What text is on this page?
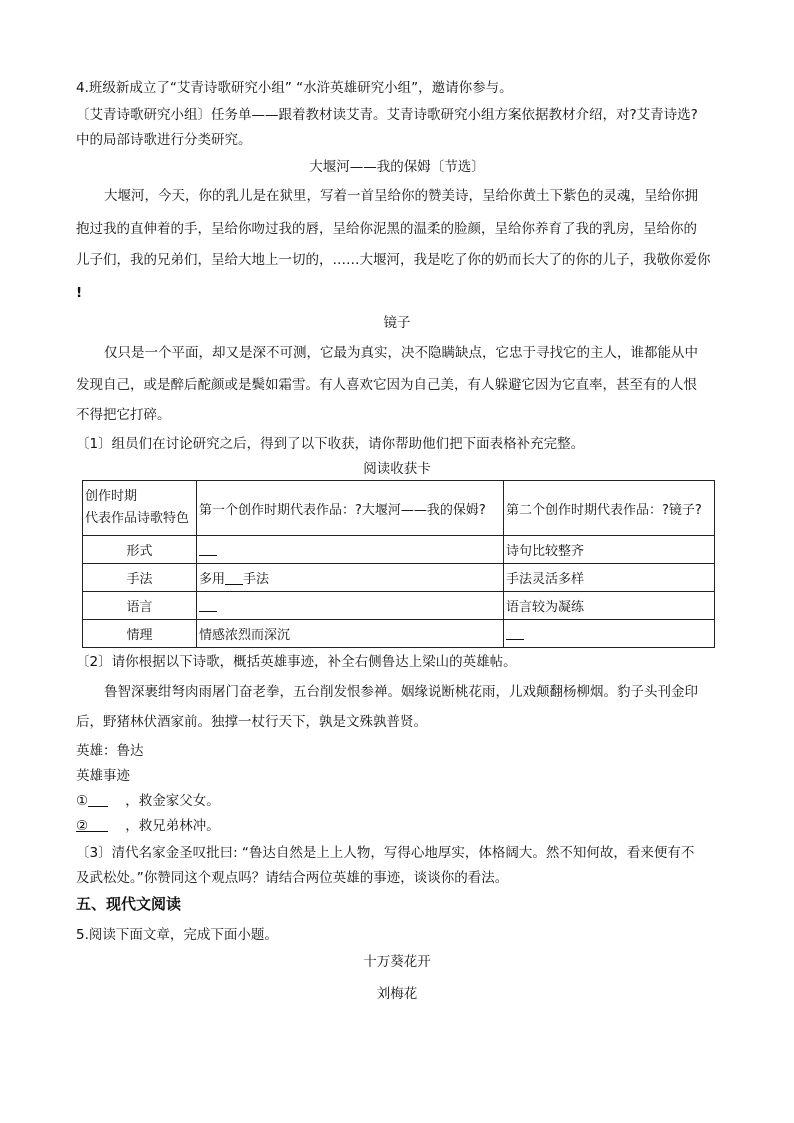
4.班级新成立了“艾青诗歌研究小组” “水浒英雄研究小组”，邀请你参与。
〔艾青诗歌研究小组〕任务单——跟着教材读艾青。艾青诗歌研究小组方案依据教材介绍，对?艾青诗选?
中的局部诗歌进行分类研究。
大堰河——我的保姆〔节选〕
大堰河，今天，你的乳儿是在狱里，写着一首呈给你的赞美诗，呈给你黄土下紫色的灵魂，呈给你拥
抱过我的直伸着的手，呈给你吻过我的唇，呈给你泥黑的温柔的脸颜，呈给你养育了我的乳房，呈给你的
儿子们，我的兄弟们，呈给大地上一切的，……大堰河，我是吃了你的奶而长大了的你的儿子，我敬你爱你
!
镜子
仅只是一个平面，却又是深不可测，它最为真实，决不隐瞒缺点，它忠于寻找它的主人，谁都能从中
发现自己，或是醉后酡颜或是鬓如霜雪。有人喜欢它因为自己美，有人躲避它因为它直率，甚至有的人恨
不得把它打碎。
〔1〕组员们在讨论研究之后，得到了以下收获，请你帮助他们把下面表格补充完整。
阅读收获卡
创作时期
代表作品诗歌特色	第一个创作时期代表作品：?大堰河——我的保姆?	第二个创作时期代表作品：?镜子?
形式		诗句比较整齐
手法	多用 手法	手法灵活多样
语言		语言较为凝练
情理	情感浓烈而深沉	
〔2〕请你根据以下诗歌，概括英雄事迹，补全右侧鲁达上梁山的英雄帖。
鲁智深裹绀弩肉雨屠门奋老拳，五台削发恨参禅。姻缘说断桃花雨，儿戏颠翻杨柳烟。豹子头刊金印
后，野猪林伏酒家前。独撑一杖行天下，孰是文殊孰普贤。
英雄：鲁达
英雄事迹
①	，救金家父女。
②	，救兄弟林冲。
〔3〕清代名家金圣叹批曰: “鲁达自然是上上人物，写得心地厚实，体格阔大。然不知何故，看来便有不
及武松处。”你赞同这个观点吗？请结合两位英雄的事迹，谈谈你的看法。
五、现代文阅读
5.阅读下面文章，完成下面小题。
十万葵花开
刘梅花
